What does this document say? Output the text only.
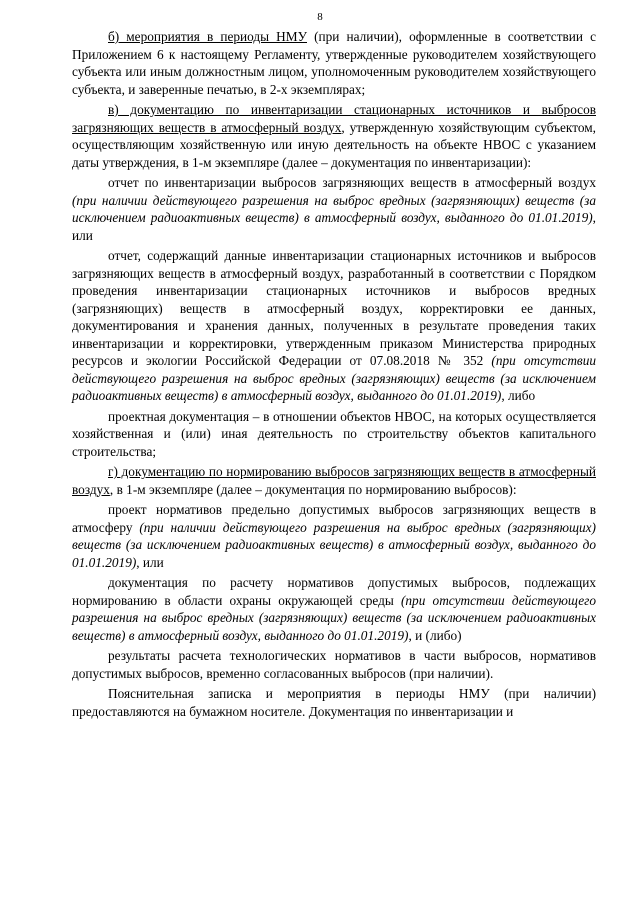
8

б) мероприятия в периоды НМУ (при наличии), оформленные в соответствии с Приложением 6 к настоящему Регламенту, утвержденные руководителем хозяйствующего субъекта или иным должностным лицом, уполномоченным руководителем хозяйствующего субъекта, и заверенные печатью, в 2-х экземплярах;

в) документацию по инвентаризации стационарных источников и выбросов загрязняющих веществ в атмосферный воздух, утвержденную хозяйствующим субъектом, осуществляющим хозяйственную или иную деятельность на объекте НВОС с указанием даты утверждения, в 1-м экземпляре (далее – документация по инвентаризации):

отчет по инвентаризации выбросов загрязняющих веществ в атмосферный воздух (при наличии действующего разрешения на выброс вредных (загрязняющих) веществ (за исключением радиоактивных веществ) в атмосферный воздух, выданного до 01.01.2019), или

отчет, содержащий данные инвентаризации стационарных источников и выбросов загрязняющих веществ в атмосферный воздух, разработанный в соответствии с Порядком проведения инвентаризации стационарных источников и выбросов вредных (загрязняющих) веществ в атмосферный воздух, корректировки ее данных, документирования и хранения данных, полученных в результате проведения таких инвентаризации и корректировки, утвержденным приказом Министерства природных ресурсов и экологии Российской Федерации от 07.08.2018 № 352 (при отсутствии действующего разрешения на выброс вредных (загрязняющих) веществ (за исключением радиоактивных веществ) в атмосферный воздух, выданного до 01.01.2019), либо

проектная документация – в отношении объектов НВОС, на которых осуществляется хозяйственная и (или) иная деятельность по строительству объектов капитального строительства;

г) документацию по нормированию выбросов загрязняющих веществ в атмосферный воздух, в 1-м экземпляре (далее – документация по нормированию выбросов):

проект нормативов предельно допустимых выбросов загрязняющих веществ в атмосферу (при наличии действующего разрешения на выброс вредных (загрязняющих) веществ (за исключением радиоактивных веществ) в атмосферный воздух, выданного до 01.01.2019), или

документация по расчету нормативов допустимых выбросов, подлежащих нормированию в области охраны окружающей среды (при отсутствии действующего разрешения на выброс вредных (загрязняющих) веществ (за исключением радиоактивных веществ) в атмосферный воздух, выданного до 01.01.2019), и (либо)

результаты расчета технологических нормативов в части выбросов, нормативов допустимых выбросов, временно согласованных выбросов (при наличии).

Пояснительная записка и мероприятия в периоды НМУ (при наличии) предоставляются на бумажном носителе. Документация по инвентаризации и
